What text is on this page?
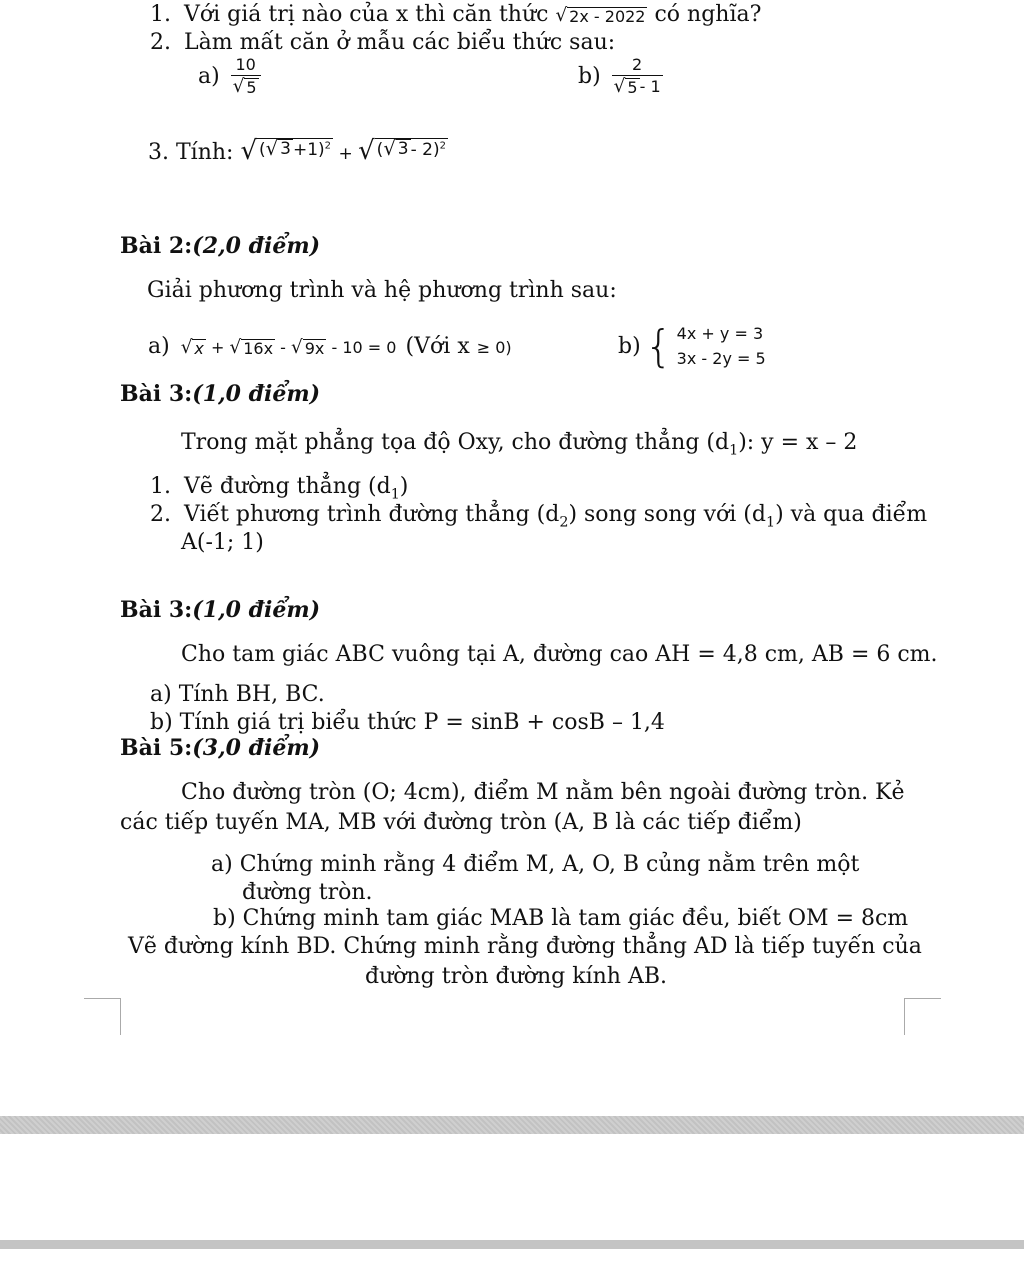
1. Với giá trị nào của x thì căn thức √ 2x - 2022 có nghĩa?
2. Làm mất căn ở mẫu các biểu thức sau:
$a) \frac{10}{√ 5}$	$b) \frac{2}{√ 5 - 1}$
3. Tính: √ ( √ 3 +1)$^2$ + √ ( √ 3 - 2)$^2$
Bài 2:(2,0 điểm)
Giải phương trình và hệ phương trình sau:
a) √ x + √ 16x - √ 9x - 10 = 0 (Với x ≥ 0)	b) { 4x + y = 3
3x - 2y = 5
Bài 3:(1,0 điểm)
Trong mặt phẳng tọa độ Oxy, cho đường thẳng $(d_1)$: y = x – 2
1. Vẽ đường thẳng $(d_1)$
2. Viết phương trình đường thẳng $(d_2)$ song song với $(d_1)$ và qua điểm
A(-1; 1)
Bài 3:(1,0 điểm)
Cho tam giác ABC vuông tại A, đường cao AH = 4,8 cm, AB = 6 cm.
a) Tính BH, BC.
b) Tính giá trị biểu thức P = sinB + cosB – 1,4
Bài 5:(3,0 điểm)
Cho đường tròn (O; 4cm), điểm M nằm bên ngoài đường tròn. Kẻ
các tiếp tuyến MA, MB với đường tròn (A, B là các tiếp điểm)
a) Chứng minh rằng 4 điểm M, A, O, B củng nằm trên một
đường tròn.
b) Chứng minh tam giác MAB là tam giác đều, biết OM = 8cm
Vẽ đường kính BD. Chứng minh rằng đường thẳng AD là tiếp tuyến của
đường tròn đường kính AB.
